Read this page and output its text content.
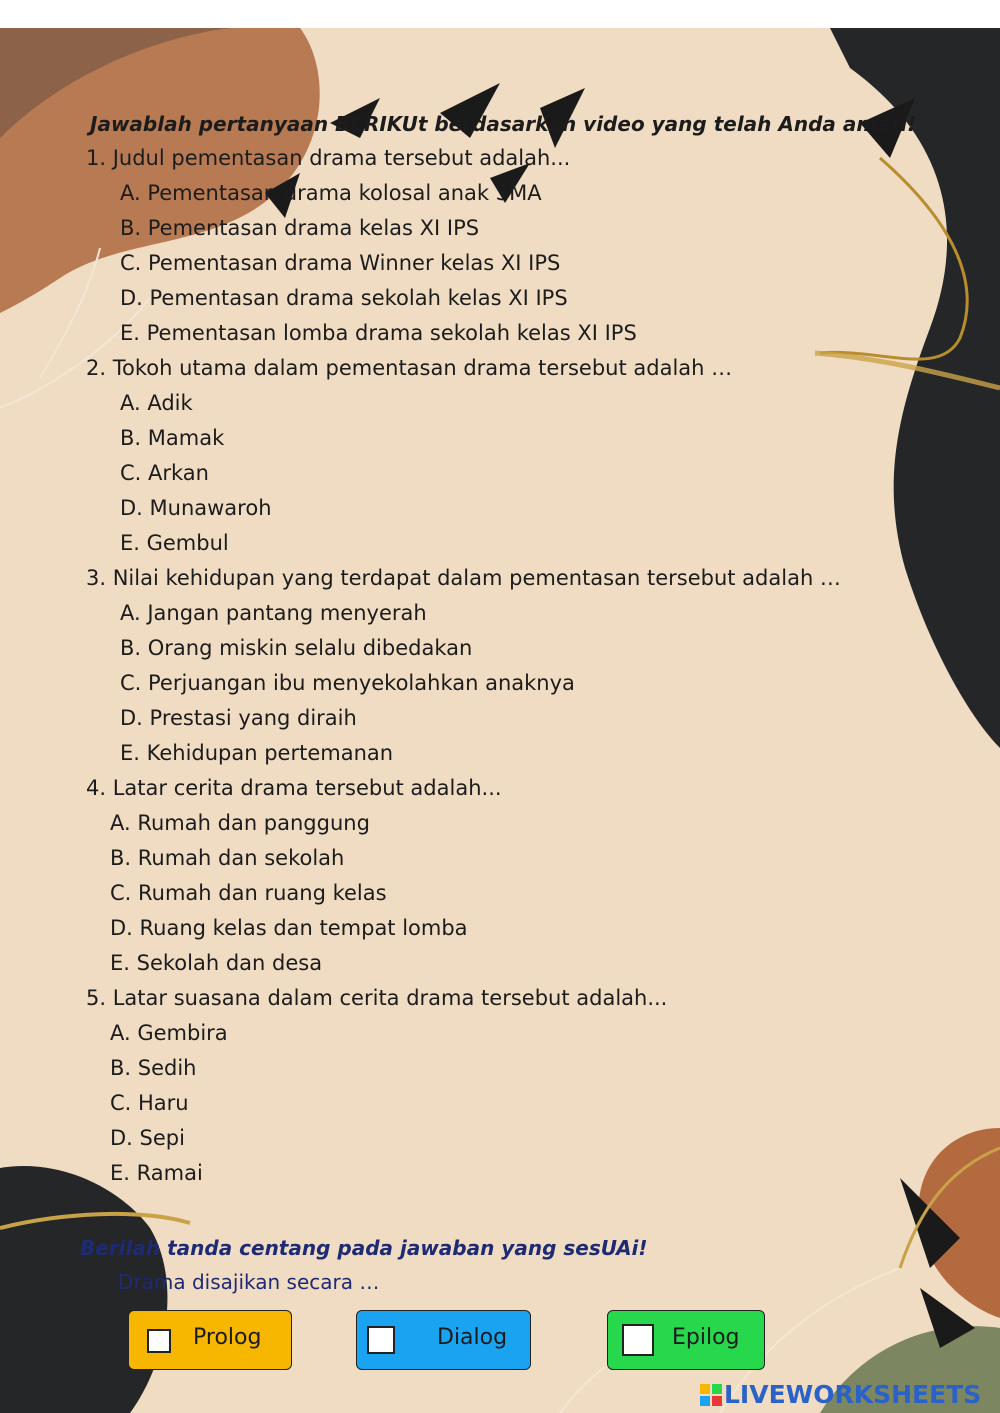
Jawablah pertanyaan BERIKUt berdasarkan video yang telah Anda amati!
1. Judul pementasan drama tersebut adalah...
A. Pementasan drama kolosal anak SMA
B. Pementasan drama kelas XI IPS
C. Pementasan drama Winner kelas XI IPS
D. Pementasan drama sekolah kelas XI IPS
E. Pementasan lomba drama sekolah kelas XI IPS
2. Tokoh utama dalam pementasan drama tersebut adalah …
A. Adik
B. Mamak
C. Arkan
D. Munawaroh
E. Gembul
3. Nilai kehidupan yang terdapat dalam pementasan tersebut adalah …
A. Jangan pantang menyerah
B. Orang miskin selalu dibedakan
C. Perjuangan ibu menyekolahkan anaknya
D. Prestasi yang diraih
E. Kehidupan pertemanan
4. Latar cerita drama tersebut adalah...
A. Rumah dan panggung
B. Rumah dan sekolah
C. Rumah dan ruang kelas
D. Ruang kelas dan tempat lomba
E. Sekolah dan desa
5. Latar suasana dalam cerita drama tersebut adalah...
A. Gembira
B. Sedih
C. Haru
D. Sepi
E. Ramai
Berilah tanda centang pada jawaban yang sesUAi!
Drama disajikan secara …
Prolog	Dialog	Epilog
LIVEWORKSHEETS
